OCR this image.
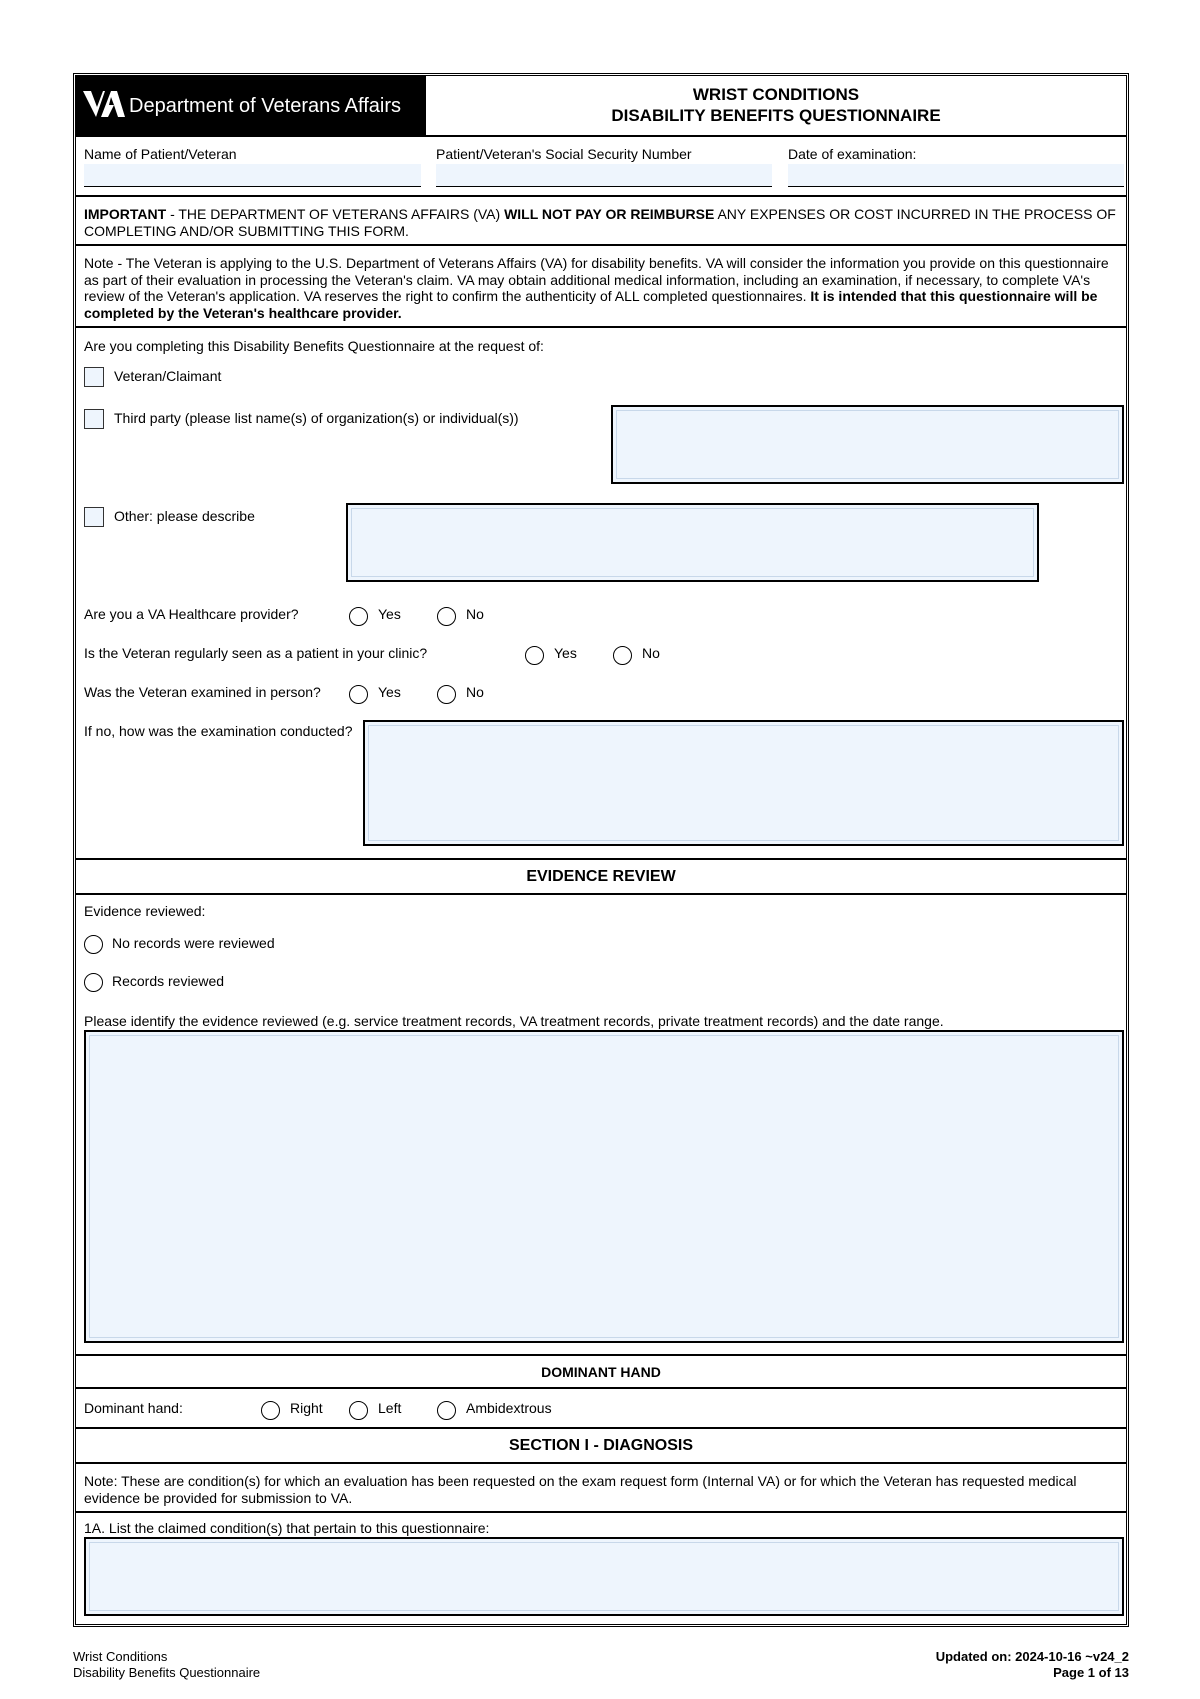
Department of Veterans Affairs
WRIST CONDITIONS
DISABILITY BENEFITS QUESTIONNAIRE
Name of Patient/Veteran	Patient/Veteran's Social Security Number	Date of examination:
IMPORTANT - THE DEPARTMENT OF VETERANS AFFAIRS (VA) WILL NOT PAY OR REIMBURSE ANY EXPENSES OR COST INCURRED IN THE PROCESS OF COMPLETING AND/OR SUBMITTING THIS FORM.
Note - The Veteran is applying to the U.S. Department of Veterans Affairs (VA) for disability benefits. VA will consider the information you provide on this questionnaire as part of their evaluation in processing the Veteran's claim. VA may obtain additional medical information, including an examination, if necessary, to complete VA's review of the Veteran's application. VA reserves the right to confirm the authenticity of ALL completed questionnaires. It is intended that this questionnaire will be completed by the Veteran's healthcare provider.
Are you completing this Disability Benefits Questionnaire at the request of:
Veteran/Claimant
Third party (please list name(s) of organization(s) or individual(s))
Other: please describe
Are you a VA Healthcare provider?	Yes	No
Is the Veteran regularly seen as a patient in your clinic?	Yes	No
Was the Veteran examined in person?	Yes	No
If no, how was the examination conducted?
EVIDENCE REVIEW
Evidence reviewed:
No records were reviewed
Records reviewed
Please identify the evidence reviewed (e.g. service treatment records, VA treatment records, private treatment records) and the date range.
DOMINANT HAND
Dominant hand:	Right	Left	Ambidextrous
SECTION I - DIAGNOSIS
Note: These are condition(s) for which an evaluation has been requested on the exam request form (Internal VA) or for which the Veteran has requested medical evidence be provided for submission to VA.
1A. List the claimed condition(s) that pertain to this questionnaire:
Wrist Conditions
Disability Benefits Questionnaire
Updated on: 2024-10-16 ~v24_2
Page 1 of 13
